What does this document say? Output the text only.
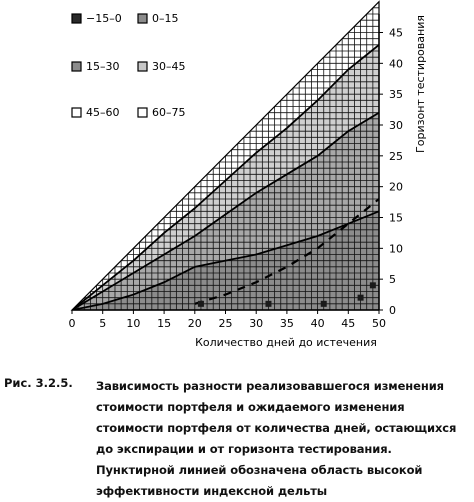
0 5 10 15 20 25 30 35 40 45 50
0
5
10
15
20
25
30
35
40
45
Количество дней до истечения
Горизонт тестирования
−15–0	0–15
15–30	30–45
45–60	60–75
Рис. 3.2.5. Зависимость разности реализовавшегося изменения стоимости портфеля и ожидаемого изменения стоимости портфеля от количества дней, остающихся до экспирации и от горизонта тестирования. Пунктирной линией обозначена область высокой эффективности индексной дельты
